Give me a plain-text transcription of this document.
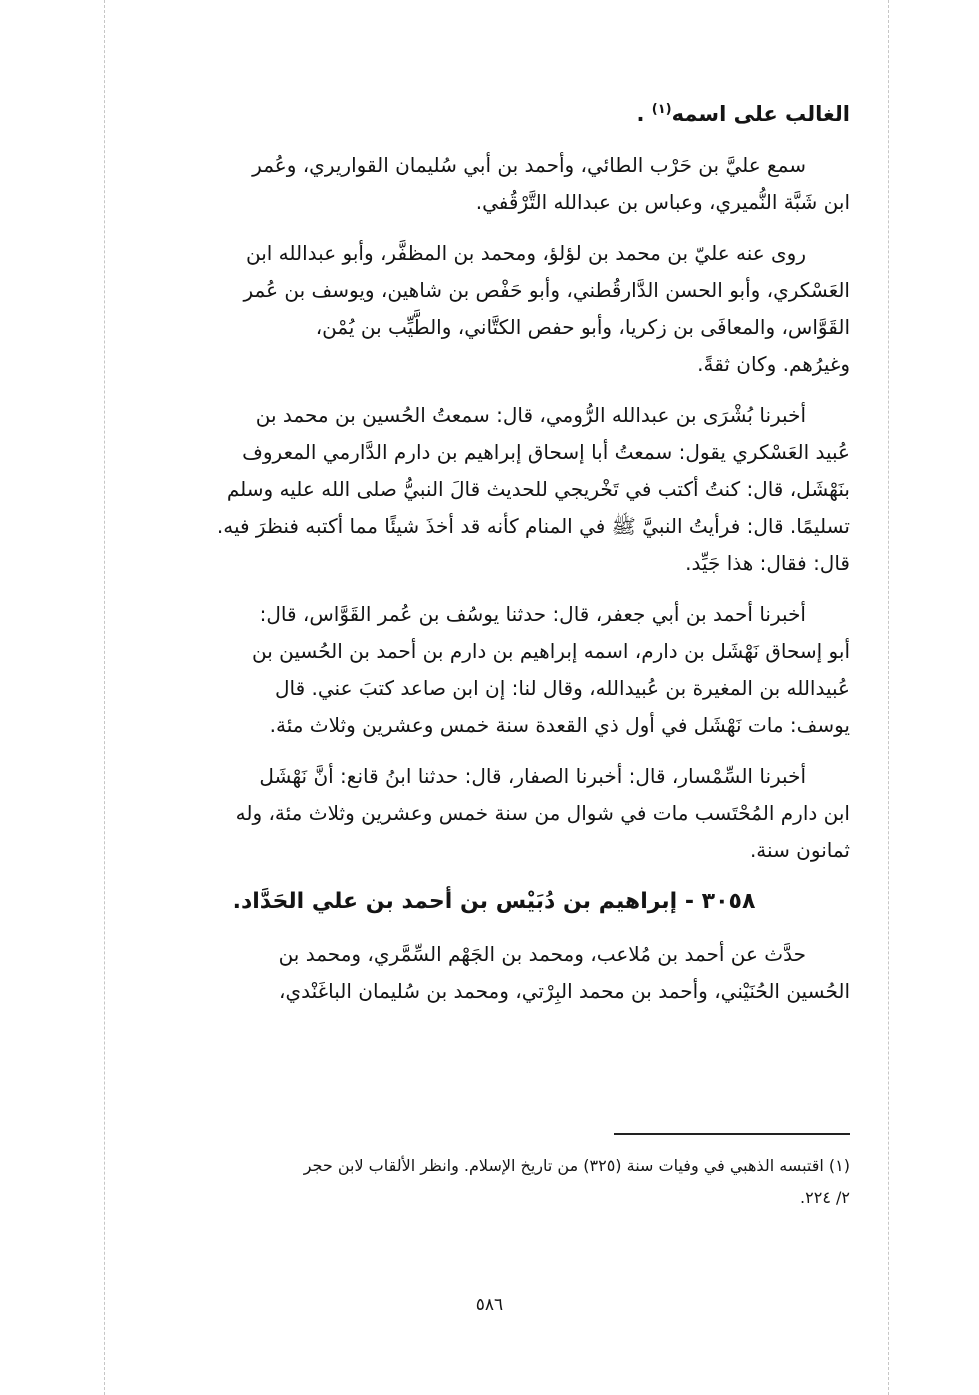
الغالب على اسمه$^{(١)}$ .
سمع عليَّ بن حَرْب الطائي، وأحمد بن أبي سُليمان القواريري، وعُمر
ابن شَبَّة النُّميري، وعباس بن عبدالله التَّرْقُفي.
روى عنه عليّ بن محمد بن لؤلؤ، ومحمد بن المظفَّر، وأبو عبدالله ابن
العَسْكري، وأبو الحسن الدَّارقُطني، وأبو حَفْص بن شاهين، ويوسف بن عُمر
القَوَّاس، والمعافَى بن زكريا، وأبو حفص الكتَّاني، والطَّيِّب بن يُمْن،
وغيرُهم. وكان ثقةً.
أخبرنا بُشْرَى بن عبدالله الرُّومي، قال: سمعتُ الحُسين بن محمد بن
عُبيد العَسْكري يقول: سمعتُ أبا إسحاق إبراهيم بن دارم الدَّارمي المعروف
بنَهْشَل، قال: كنتُ أكتب في تَخْريجي للحديث قالَ النبيُّ صلى الله عليه وسلم
تسليمًا. قال: فرأيتُ النبيَّ ﷺ في المنام كأنه قد أخذَ شيئًا مما أكتبه فنظرَ فيه.
قال: فقال: هذا جَيِّد.
أخبرنا أحمد بن أبي جعفر، قال: حدثنا يوسُف بن عُمر القَوَّاس، قال:
أبو إسحاق نَهْشَل بن دارم، اسمه إبراهيم بن دارم بن أحمد بن الحُسين بن
عُبيدالله بن المغيرة بن عُبيدالله، وقال لنا: إن ابن صاعد كتبَ عني. قال
يوسف: مات نَهْشَل في أول ذي القعدة سنة خمس وعشرين وثلاث مئة.
أخبرنا السِّمْسار، قال: أخبرنا الصفار، قال: حدثنا ابنُ قانع: أنَّ نَهْشَل
ابن دارم المُحْتَسب مات في شوال من سنة خمس وعشرين وثلاث مئة، وله
ثمانون سنة.
٣٠٥٨ - إبراهيم بن دُبَيْس بن أحمد بن علي الحَدَّاد.
حدَّث عن أحمد بن مُلاعب، ومحمد بن الجَهْم السِّمَّري، ومحمد بن
الحُسين الحُنَيْني، وأحمد بن محمد البِرْتي، ومحمد بن سُليمان الباغَنْدي،
(١) اقتبسه الذهبي في وفيات سنة (٣٢٥) من تاريخ الإسلام. وانظر الألقاب لابن حجر
٢/ ٢٢٤.
٥٨٦
